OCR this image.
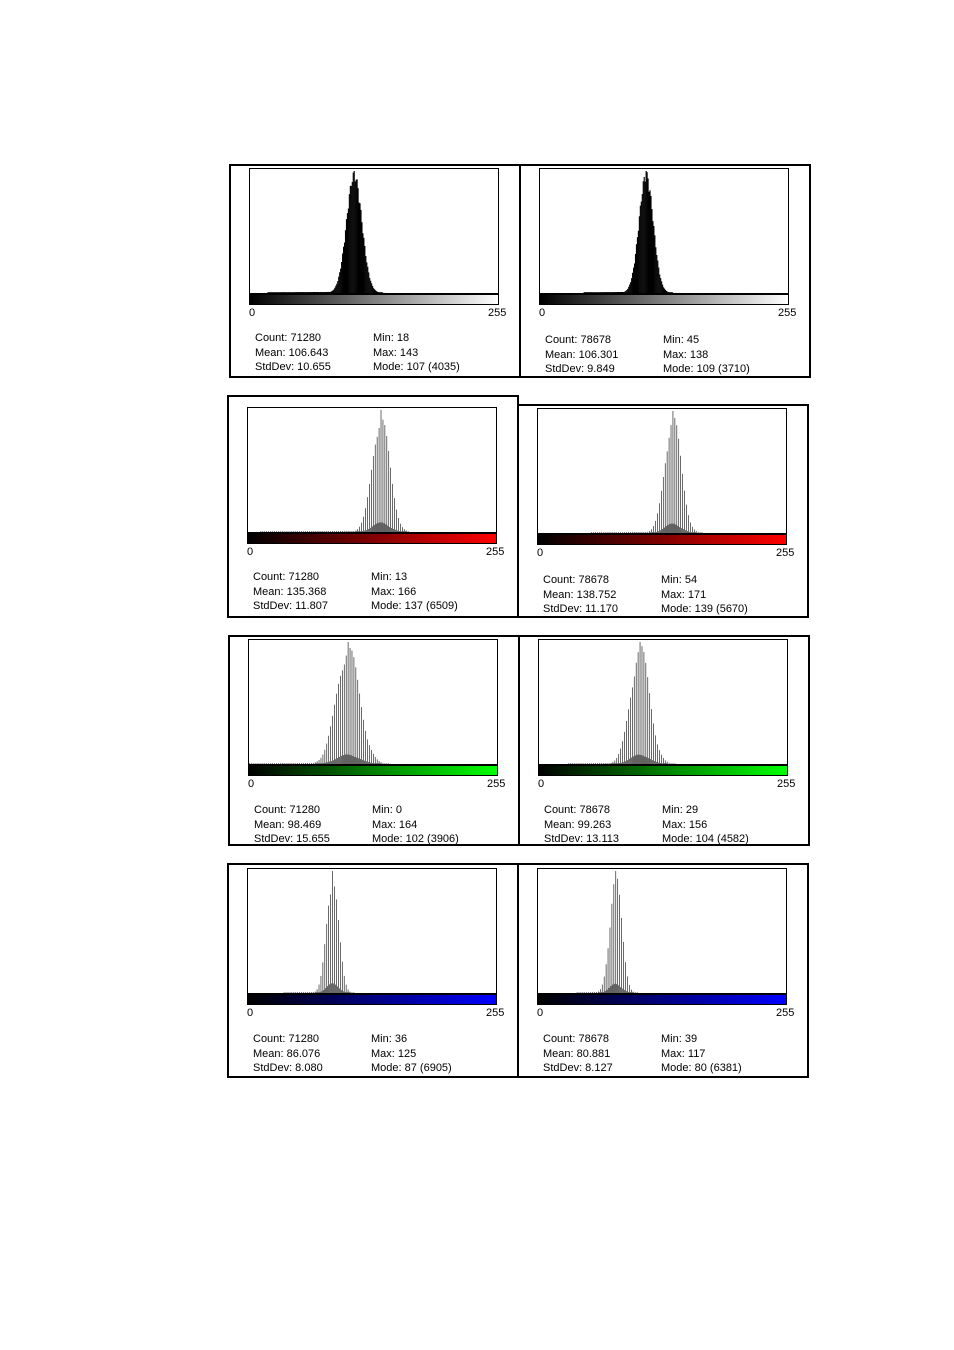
0	255
Count: 71280
Mean: 106.643
StdDev: 10.655
Min: 18
Max: 143
Mode: 107 (4035)
0	255
Count: 78678
Mean: 106.301
StdDev: 9.849
Min: 45
Max: 138
Mode: 109 (3710)
0	255
Count: 71280
Mean: 135.368
StdDev: 11.807
Min: 13
Max: 166
Mode: 137 (6509)
0	255
Count: 78678
Mean: 138.752
StdDev: 11.170
Min: 54
Max: 171
Mode: 139 (5670)
0	255
Count: 71280
Mean: 98.469
StdDev: 15.655
Min: 0
Max: 164
Mode: 102 (3906)
0	255
Count: 78678
Mean: 99.263
StdDev: 13.113
Min: 29
Max: 156
Mode: 104 (4582)
0	255
Count: 71280
Mean: 86.076
StdDev: 8.080
Min: 36
Max: 125
Mode: 87 (6905)
0	255
Count: 78678
Mean: 80.881
StdDev: 8.127
Min: 39
Max: 117
Mode: 80 (6381)
